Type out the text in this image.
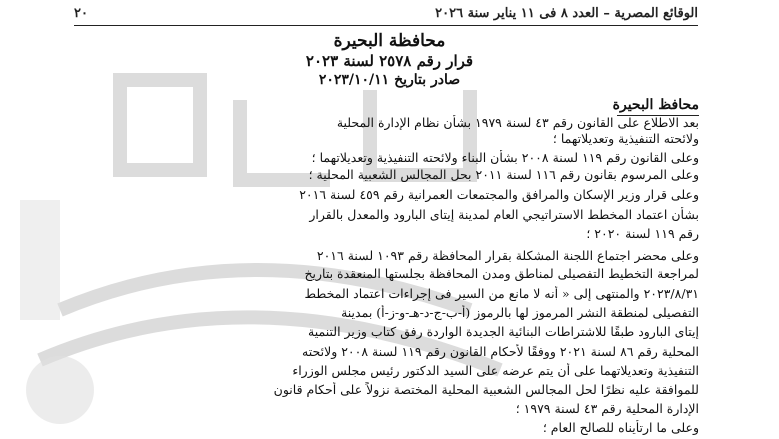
٢٠	الوقائع المصرية – العدد ٨ فى ١١ يناير سنة ٢٠٢٦
محافظة البحيرة
قرار رقم ٢٥٧٨ لسنة ٢٠٢٣
صادر بتاريخ ٢٠٢٣/١٠/١١
محافظ البحيرة
بعد الاطلاع على القانون رقم ٤٣ لسنة ١٩٧٩ بشأن نظام الإدارة المحلية
ولائحته التنفيذية وتعديلاتهما ؛
وعلى القانون رقم ١١٩ لسنة ٢٠٠٨ بشأن البناء ولائحته التنفيذية وتعديلاتهما ؛
وعلى المرسوم بقانون رقم ١١٦ لسنة ٢٠١١ بحل المجالس الشعبية المحلية ؛
وعلى قرار وزير الإسكان والمرافق والمجتمعات العمرانية رقم ٤٥٩ لسنة ٢٠١٦
بشأن اعتماد المخطط الاستراتيجي العام لمدينة إيتاى البارود والمعدل بالقرار
رقم ١١٩ لسنة ٢٠٢٠ ؛
وعلى محضر اجتماع اللجنة المشكلة بقرار المحافظة رقم ١٠٩٣ لسنة ٢٠١٦
لمراجعة التخطيط التفصيلى لمناطق ومدن المحافظة بجلستها المنعقدة بتاريخ
٢٠٢٣/٨/٣١ والمنتهى إلى « أنه لا مانع من السير فى إجراءات اعتماد المخطط
التفصيلى لمنطقة النشر المرموز لها بالرموز (أ-ب-ج-د-هـ-و-ز-أ) بمدينة
إيتاى البارود طبقًا للاشتراطات البنائية الجديدة الواردة رفق كتاب وزير التنمية
المحلية رقم ٨٦ لسنة ٢٠٢١ ووفقًا لأحكام القانون رقم ١١٩ لسنة ٢٠٠٨ ولائحته
التنفيذية وتعديلاتهما على أن يتم عرضه على السيد الدكتور رئيس مجلس الوزراء
للموافقة عليه نظرًا لحل المجالس الشعبية المحلية المختصة نزولاً على أحكام قانون
الإدارة المحلية رقم ٤٣ لسنة ١٩٧٩ ؛
وعلى ما ارتأيناه للصالح العام ؛
